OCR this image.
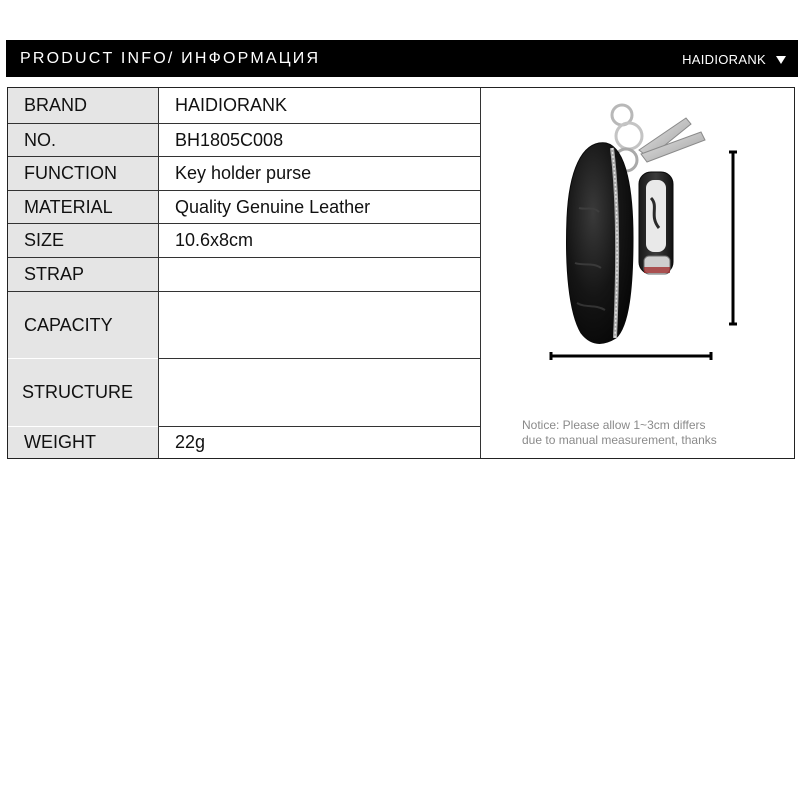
PRODUCT INFO/ ИНФОРМАЦИЯ	HAIDIORANK
BRAND	HAIDIORANK
NO.	BH1805C008
FUNCTION	Key holder purse
MATERIAL	Quality Genuine Leather
SIZE	10.6x8cm
STRAP
CAPACITY
STRUCTURE
WEIGHT	22g
Notice: Please allow 1~3cm differs
due to manual measurement, thanks
